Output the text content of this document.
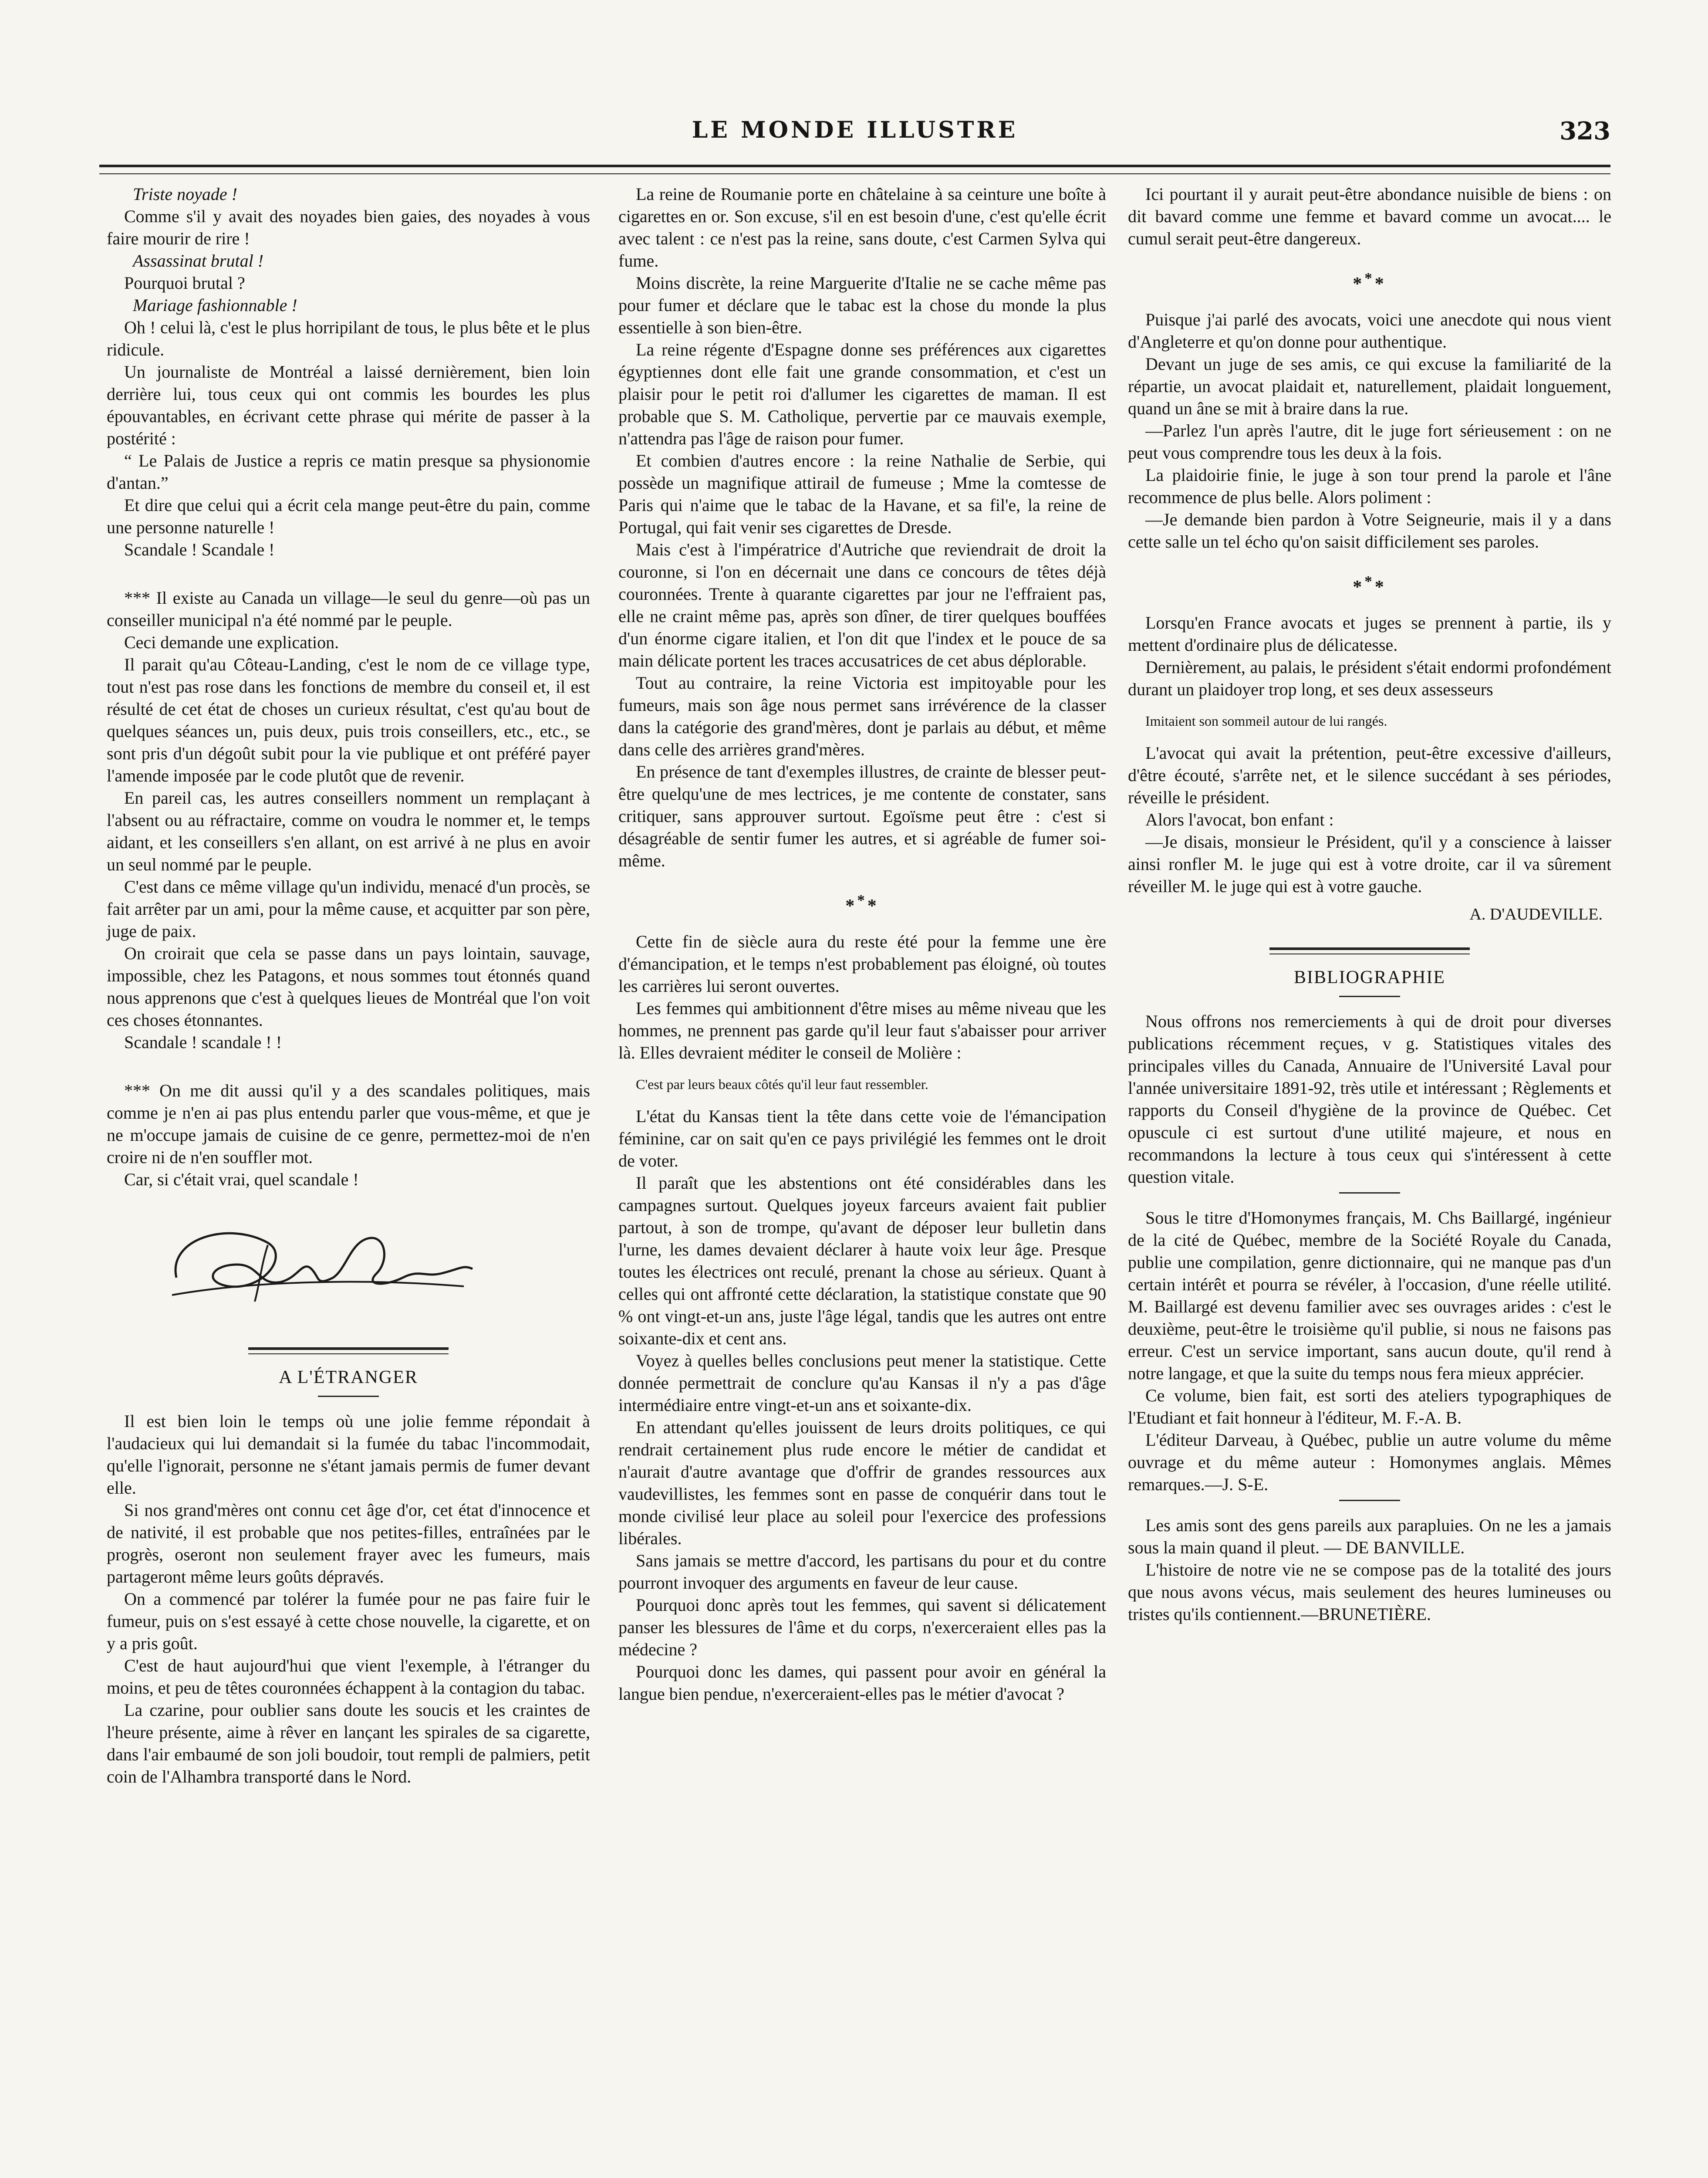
LE MONDE ILLUSTRE	323

Triste noyade !

Comme s'il y avait des noyades bien gaies, des noyades à vous faire mourir de rire !

Assassinat brutal !

Pourquoi brutal ?

Mariage fashionnable !

Oh ! celui là, c'est le plus horripilant de tous, le plus bête et le plus ridicule.

Un journaliste de Montréal a laissé dernièrement, bien loin derrière lui, tous ceux qui ont commis les bourdes les plus épouvantables, en écrivant cette phrase qui mérite de passer à la postérité :

“ Le Palais de Justice a repris ce matin presque sa physionomie d'antan.”

Et dire que celui qui a écrit cela mange peut-être du pain, comme une personne naturelle !

Scandale ! Scandale !

*** Il existe au Canada un village—le seul du genre—où pas un conseiller municipal n'a été nommé par le peuple.

Ceci demande une explication.

Il parait qu'au Côteau-Landing, c'est le nom de ce village type, tout n'est pas rose dans les fonctions de membre du conseil et, il est résulté de cet état de choses un curieux résultat, c'est qu'au bout de quelques séances un, puis deux, puis trois conseillers, etc., etc., se sont pris d'un dégoût subit pour la vie publique et ont préféré payer l'amende imposée par le code plutôt que de revenir.

En pareil cas, les autres conseillers nomment un remplaçant à l'absent ou au réfractaire, comme on voudra le nommer et, le temps aidant, et les conseillers s'en allant, on est arrivé à ne plus en avoir un seul nommé par le peuple.

C'est dans ce même village qu'un individu, menacé d'un procès, se fait arrêter par un ami, pour la même cause, et acquitter par son père, juge de paix.

On croirait que cela se passe dans un pays lointain, sauvage, impossible, chez les Patagons, et nous sommes tout étonnés quand nous apprenons que c'est à quelques lieues de Montréal que l'on voit ces choses étonnantes.

Scandale ! scandale ! !

*** On me dit aussi qu'il y a des scandales politiques, mais comme je n'en ai pas plus entendu parler que vous-même, et que je ne m'occupe jamais de cuisine de ce genre, permettez-moi de n'en croire ni de n'en souffler mot.

Car, si c'était vrai, quel scandale !

A L'ÉTRANGER

Il est bien loin le temps où une jolie femme répondait à l'audacieux qui lui demandait si la fumée du tabac l'incommodait, qu'elle l'ignorait, personne ne s'étant jamais permis de fumer devant elle.

Si nos grand'mères ont connu cet âge d'or, cet état d'innocence et de nativité, il est probable que nos petites-filles, entraînées par le progrès, oseront non seulement frayer avec les fumeurs, mais partageront même leurs goûts dépravés.

On a commencé par tolérer la fumée pour ne pas faire fuir le fumeur, puis on s'est essayé à cette chose nouvelle, la cigarette, et on y a pris goût.

C'est de haut aujourd'hui que vient l'exemple, à l'étranger du moins, et peu de têtes couronnées échappent à la contagion du tabac.

La czarine, pour oublier sans doute les soucis et les craintes de l'heure présente, aime à rêver en lançant les spirales de sa cigarette, dans l'air embaumé de son joli boudoir, tout rempli de palmiers, petit coin de l'Alhambra transporté dans le Nord.

La reine de Roumanie porte en châtelaine à sa ceinture une boîte à cigarettes en or. Son excuse, s'il en est besoin d'une, c'est qu'elle écrit avec talent : ce n'est pas la reine, sans doute, c'est Carmen Sylva qui fume.

Moins discrète, la reine Marguerite d'Italie ne se cache même pas pour fumer et déclare que le tabac est la chose du monde la plus essentielle à son bien-être.

La reine régente d'Espagne donne ses préférences aux cigarettes égyptiennes dont elle fait une grande consommation, et c'est un plaisir pour le petit roi d'allumer les cigarettes de maman. Il est probable que S. M. Catholique, pervertie par ce mauvais exemple, n'attendra pas l'âge de raison pour fumer.

Et combien d'autres encore : la reine Nathalie de Serbie, qui possède un magnifique attirail de fumeuse ; Mme la comtesse de Paris qui n'aime que le tabac de la Havane, et sa fil'e, la reine de Portugal, qui fait venir ses cigarettes de Dresde.

Mais c'est à l'impératrice d'Autriche que reviendrait de droit la couronne, si l'on en décernait une dans ce concours de têtes déjà couronnées. Trente à quarante cigarettes par jour ne l'effraient pas, elle ne craint même pas, après son dîner, de tirer quelques bouffées d'un énorme cigare italien, et l'on dit que l'index et le pouce de sa main délicate portent les traces accusatrices de cet abus déplorable.

Tout au contraire, la reine Victoria est impitoyable pour les fumeurs, mais son âge nous permet sans irrévérence de la classer dans la catégorie des grand'mères, dont je parlais au début, et même dans celle des arrières grand'mères.

En présence de tant d'exemples illustres, de crainte de blesser peut-être quelqu'une de mes lectrices, je me contente de constater, sans critiquer, sans approuver surtout. Egoïsme peut être : c'est si désagréable de sentir fumer les autres, et si agréable de fumer soi-même.

***

Cette fin de siècle aura du reste été pour la femme une ère d'émancipation, et le temps n'est probablement pas éloigné, où toutes les carrières lui seront ouvertes.

Les femmes qui ambitionnent d'être mises au même niveau que les hommes, ne prennent pas garde qu'il leur faut s'abaisser pour arriver là. Elles devraient méditer le conseil de Molière :

C'est par leurs beaux côtés qu'il leur faut ressembler.

L'état du Kansas tient la tête dans cette voie de l'émancipation féminine, car on sait qu'en ce pays privilégié les femmes ont le droit de voter.

Il paraît que les abstentions ont été considérables dans les campagnes surtout. Quelques joyeux farceurs avaient fait publier partout, à son de trompe, qu'avant de déposer leur bulletin dans l'urne, les dames devaient déclarer à haute voix leur âge. Presque toutes les électrices ont reculé, prenant la chose au sérieux. Quant à celles qui ont affronté cette déclaration, la statistique constate que 90 % ont vingt-et-un ans, juste l'âge légal, tandis que les autres ont entre soixante-dix et cent ans.

Voyez à quelles belles conclusions peut mener la statistique. Cette donnée permettrait de conclure qu'au Kansas il n'y a pas d'âge intermédiaire entre vingt-et-un ans et soixante-dix.

En attendant qu'elles jouissent de leurs droits politiques, ce qui rendrait certainement plus rude encore le métier de candidat et n'aurait d'autre avantage que d'offrir de grandes ressources aux vaudevillistes, les femmes sont en passe de conquérir dans tout le monde civilisé leur place au soleil pour l'exercice des professions libérales.

Sans jamais se mettre d'accord, les partisans du pour et du contre pourront invoquer des arguments en faveur de leur cause.

Pourquoi donc après tout les femmes, qui savent si délicatement panser les blessures de l'âme et du corps, n'exerceraient elles pas la médecine ?

Pourquoi donc les dames, qui passent pour avoir en général la langue bien pendue, n'exerceraient-elles pas le métier d'avocat ?

Ici pourtant il y aurait peut-être abondance nuisible de biens : on dit bavard comme une femme et bavard comme un avocat.... le cumul serait peut-être dangereux.

***

Puisque j'ai parlé des avocats, voici une anecdote qui nous vient d'Angleterre et qu'on donne pour authentique.

Devant un juge de ses amis, ce qui excuse la familiarité de la répartie, un avocat plaidait et, naturellement, plaidait longuement, quand un âne se mit à braire dans la rue.

—Parlez l'un après l'autre, dit le juge fort sérieusement : on ne peut vous comprendre tous les deux à la fois.

La plaidoirie finie, le juge à son tour prend la parole et l'âne recommence de plus belle. Alors poliment :

—Je demande bien pardon à Votre Seigneurie, mais il y a dans cette salle un tel écho qu'on saisit difficilement ses paroles.

***

Lorsqu'en France avocats et juges se prennent à partie, ils y mettent d'ordinaire plus de délicatesse.

Dernièrement, au palais, le président s'était endormi profondément durant un plaidoyer trop long, et ses deux assesseurs

Imitaient son sommeil autour de lui rangés.

L'avocat qui avait la prétention, peut-être excessive d'ailleurs, d'être écouté, s'arrête net, et le silence succédant à ses périodes, réveille le président.

Alors l'avocat, bon enfant :

—Je disais, monsieur le Président, qu'il y a conscience à laisser ainsi ronfler M. le juge qui est à votre droite, car il va sûrement réveiller M. le juge qui est à votre gauche.

A. D'AUDEVILLE.
BIBLIOGRAPHIE

Nous offrons nos remerciements à qui de droit pour diverses publications récemment reçues, v g. Statistiques vitales des principales villes du Canada, Annuaire de l'Université Laval pour l'année universitaire 1891-92, très utile et intéressant ; Règlements et rapports du Conseil d'hygiène de la province de Québec. Cet opuscule ci est surtout d'une utilité majeure, et nous en recommandons la lecture à tous ceux qui s'intéressent à cette question vitale.

Sous le titre d'Homonymes français, M. Chs Baillargé, ingénieur de la cité de Québec, membre de la Société Royale du Canada, publie une compilation, genre dictionnaire, qui ne manque pas d'un certain intérêt et pourra se révéler, à l'occasion, d'une réelle utilité. M. Baillargé est devenu familier avec ses ouvrages arides : c'est le deuxième, peut-être le troisième qu'il publie, si nous ne faisons pas erreur. C'est un service important, sans aucun doute, qu'il rend à notre langage, et que la suite du temps nous fera mieux apprécier.

Ce volume, bien fait, est sorti des ateliers typographiques de l'Etudiant et fait honneur à l'éditeur, M. F.-A. B.

L'éditeur Darveau, à Québec, publie un autre volume du même ouvrage et du même auteur : Homonymes anglais. Mêmes remarques.—J. S-E.

Les amis sont des gens pareils aux parapluies. On ne les a jamais sous la main quand il pleut. — DE BANVILLE.

L'histoire de notre vie ne se compose pas de la totalité des jours que nous avons vécus, mais seulement des heures lumineuses ou tristes qu'ils contiennent.—BRUNETIÈRE.
